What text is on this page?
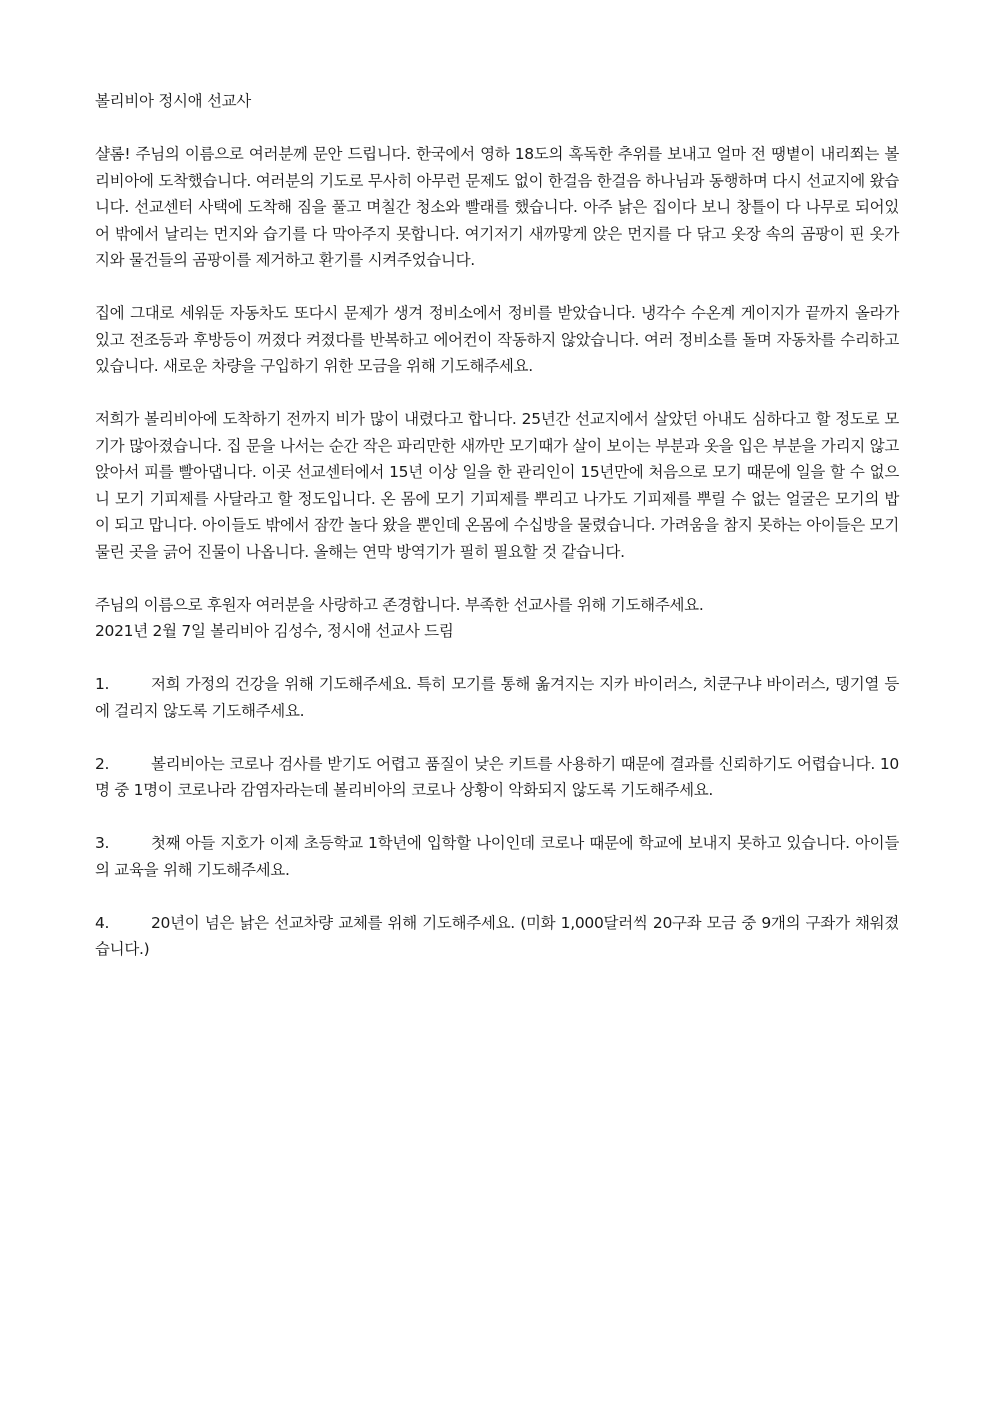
볼리비아 정시애 선교사
샬롬! 주님의 이름으로 여러분께 문안 드립니다. 한국에서 영하 18도의 혹독한 추위를 보내고 얼마 전 땡볕이 내리쬐는 볼리비아에 도착했습니다. 여러분의 기도로 무사히 아무런 문제도 없이 한걸음 한걸음 하나님과 동행하며 다시 선교지에 왔습니다. 선교센터 사택에 도착해 짐을 풀고 며칠간 청소와 빨래를 했습니다. 아주 낡은 집이다 보니 창틀이 다 나무로 되어있어 밖에서 날리는 먼지와 습기를 다 막아주지 못합니다. 여기저기 새까맣게 앉은 먼지를 다 닦고 옷장 속의 곰팡이 핀 옷가지와 물건들의 곰팡이를 제거하고 환기를 시켜주었습니다.
집에 그대로 세워둔 자동차도 또다시 문제가 생겨 정비소에서 정비를 받았습니다. 냉각수 수온계 게이지가 끝까지 올라가 있고 전조등과 후방등이 꺼졌다 켜졌다를 반복하고 에어컨이 작동하지 않았습니다. 여러 정비소를 돌며 자동차를 수리하고 있습니다. 새로운 차량을 구입하기 위한 모금을 위해 기도해주세요.
저희가 볼리비아에 도착하기 전까지 비가 많이 내렸다고 합니다. 25년간 선교지에서 살았던 아내도 심하다고 할 정도로 모기가 많아졌습니다. 집 문을 나서는 순간 작은 파리만한 새까만 모기때가 살이 보이는 부분과 옷을 입은 부분을 가리지 않고 앉아서 피를 빨아댑니다. 이곳 선교센터에서 15년 이상 일을 한 관리인이 15년만에 처음으로 모기 때문에 일을 할 수 없으니 모기 기피제를 사달라고 할 정도입니다. 온 몸에 모기 기피제를 뿌리고 나가도 기피제를 뿌릴 수 없는 얼굴은 모기의 밥이 되고 맙니다. 아이들도 밖에서 잠깐 놀다 왔을 뿐인데 온몸에 수십방을 물렸습니다. 가려움을 참지 못하는 아이들은 모기 물린 곳을 긁어 진물이 나옵니다. 올해는 연막 방역기가 필히 필요할 것 같습니다.

주님의 이름으로 후원자 여러분을 사랑하고 존경합니다. 부족한 선교사를 위해 기도해주세요.

2021년 2월 7일 볼리비아 김성수, 정시애 선교사 드림

1.	저희 가정의 건강을 위해 기도해주세요. 특히 모기를 통해 옮겨지는 지카 바이러스, 치쿤구냐 바이러스, 뎅기열 등에 걸리지 않도록 기도해주세요.
2.	볼리비아는 코로나 검사를 받기도 어렵고 품질이 낮은 키트를 사용하기 때문에 결과를 신뢰하기도 어렵습니다. 10명 중 1명이 코로나라 감염자라는데 볼리비아의 코로나 상황이 악화되지 않도록 기도해주세요.
3.	첫째 아들 지호가 이제 초등학교 1학년에 입학할 나이인데 코로나 때문에 학교에 보내지 못하고 있습니다. 아이들의 교육을 위해 기도해주세요.
4.	20년이 넘은 낡은 선교차량 교체를 위해 기도해주세요. (미화 1,000달러씩 20구좌 모금 중 9개의 구좌가 채워졌습니다.)
